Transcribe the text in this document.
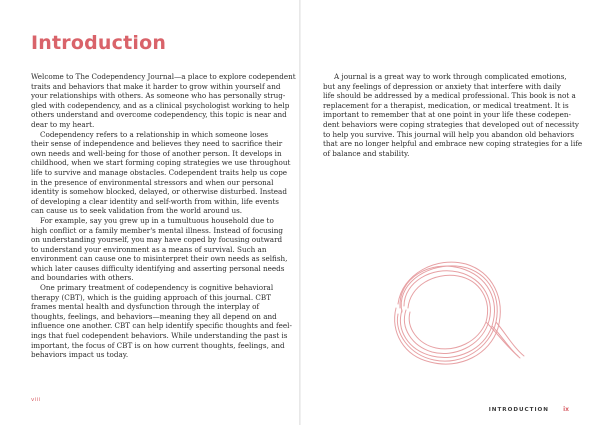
Introduction

Welcome to The Codependency Journal—a place to explore codependent
traits and behaviors that make it harder to grow within yourself and
your relationships with others. As someone who has personally strug-
gled with codependency, and as a clinical psychologist working to help
others understand and overcome codependency, this topic is near and
dear to my heart.

Codependency refers to a relationship in which someone loses
their sense of independence and believes they need to sacrifice their
own needs and well-being for those of another person. It develops in
childhood, when we start forming coping strategies we use throughout
life to survive and manage obstacles. Codependent traits help us cope
in the presence of environmental stressors and when our personal
identity is somehow blocked, delayed, or otherwise disturbed. Instead
of developing a clear identity and self-worth from within, life events
can cause us to seek validation from the world around us.

For example, say you grew up in a tumultuous household due to
high conflict or a family member's mental illness. Instead of focusing
on understanding yourself, you may have coped by focusing outward
to understand your environment as a means of survival. Such an
environment can cause one to misinterpret their own needs as selfish,
which later causes difficulty identifying and asserting personal needs
and boundaries with others.

One primary treatment of codependency is cognitive behavioral
therapy (CBT), which is the guiding approach of this journal. CBT
frames mental health and dysfunction through the interplay of
thoughts, feelings, and behaviors—meaning they all depend on and
influence one another. CBT can help identify specific thoughts and feel-
ings that fuel codependent behaviors. While understanding the past is
important, the focus of CBT is on how current thoughts, feelings, and
behaviors impact us today.

A journal is a great way to work through complicated emotions,
but any feelings of depression or anxiety that interfere with daily
life should be addressed by a medical professional. This book is not a
replacement for a therapist, medication, or medical treatment. It is
important to remember that at one point in your life these codepen-
dent behaviors were coping strategies that developed out of necessity
to help you survive. This journal will help you abandon old behaviors
that are no longer helpful and embrace new coping strategies for a life
of balance and stability.

viii
INTRODUCTION ix
